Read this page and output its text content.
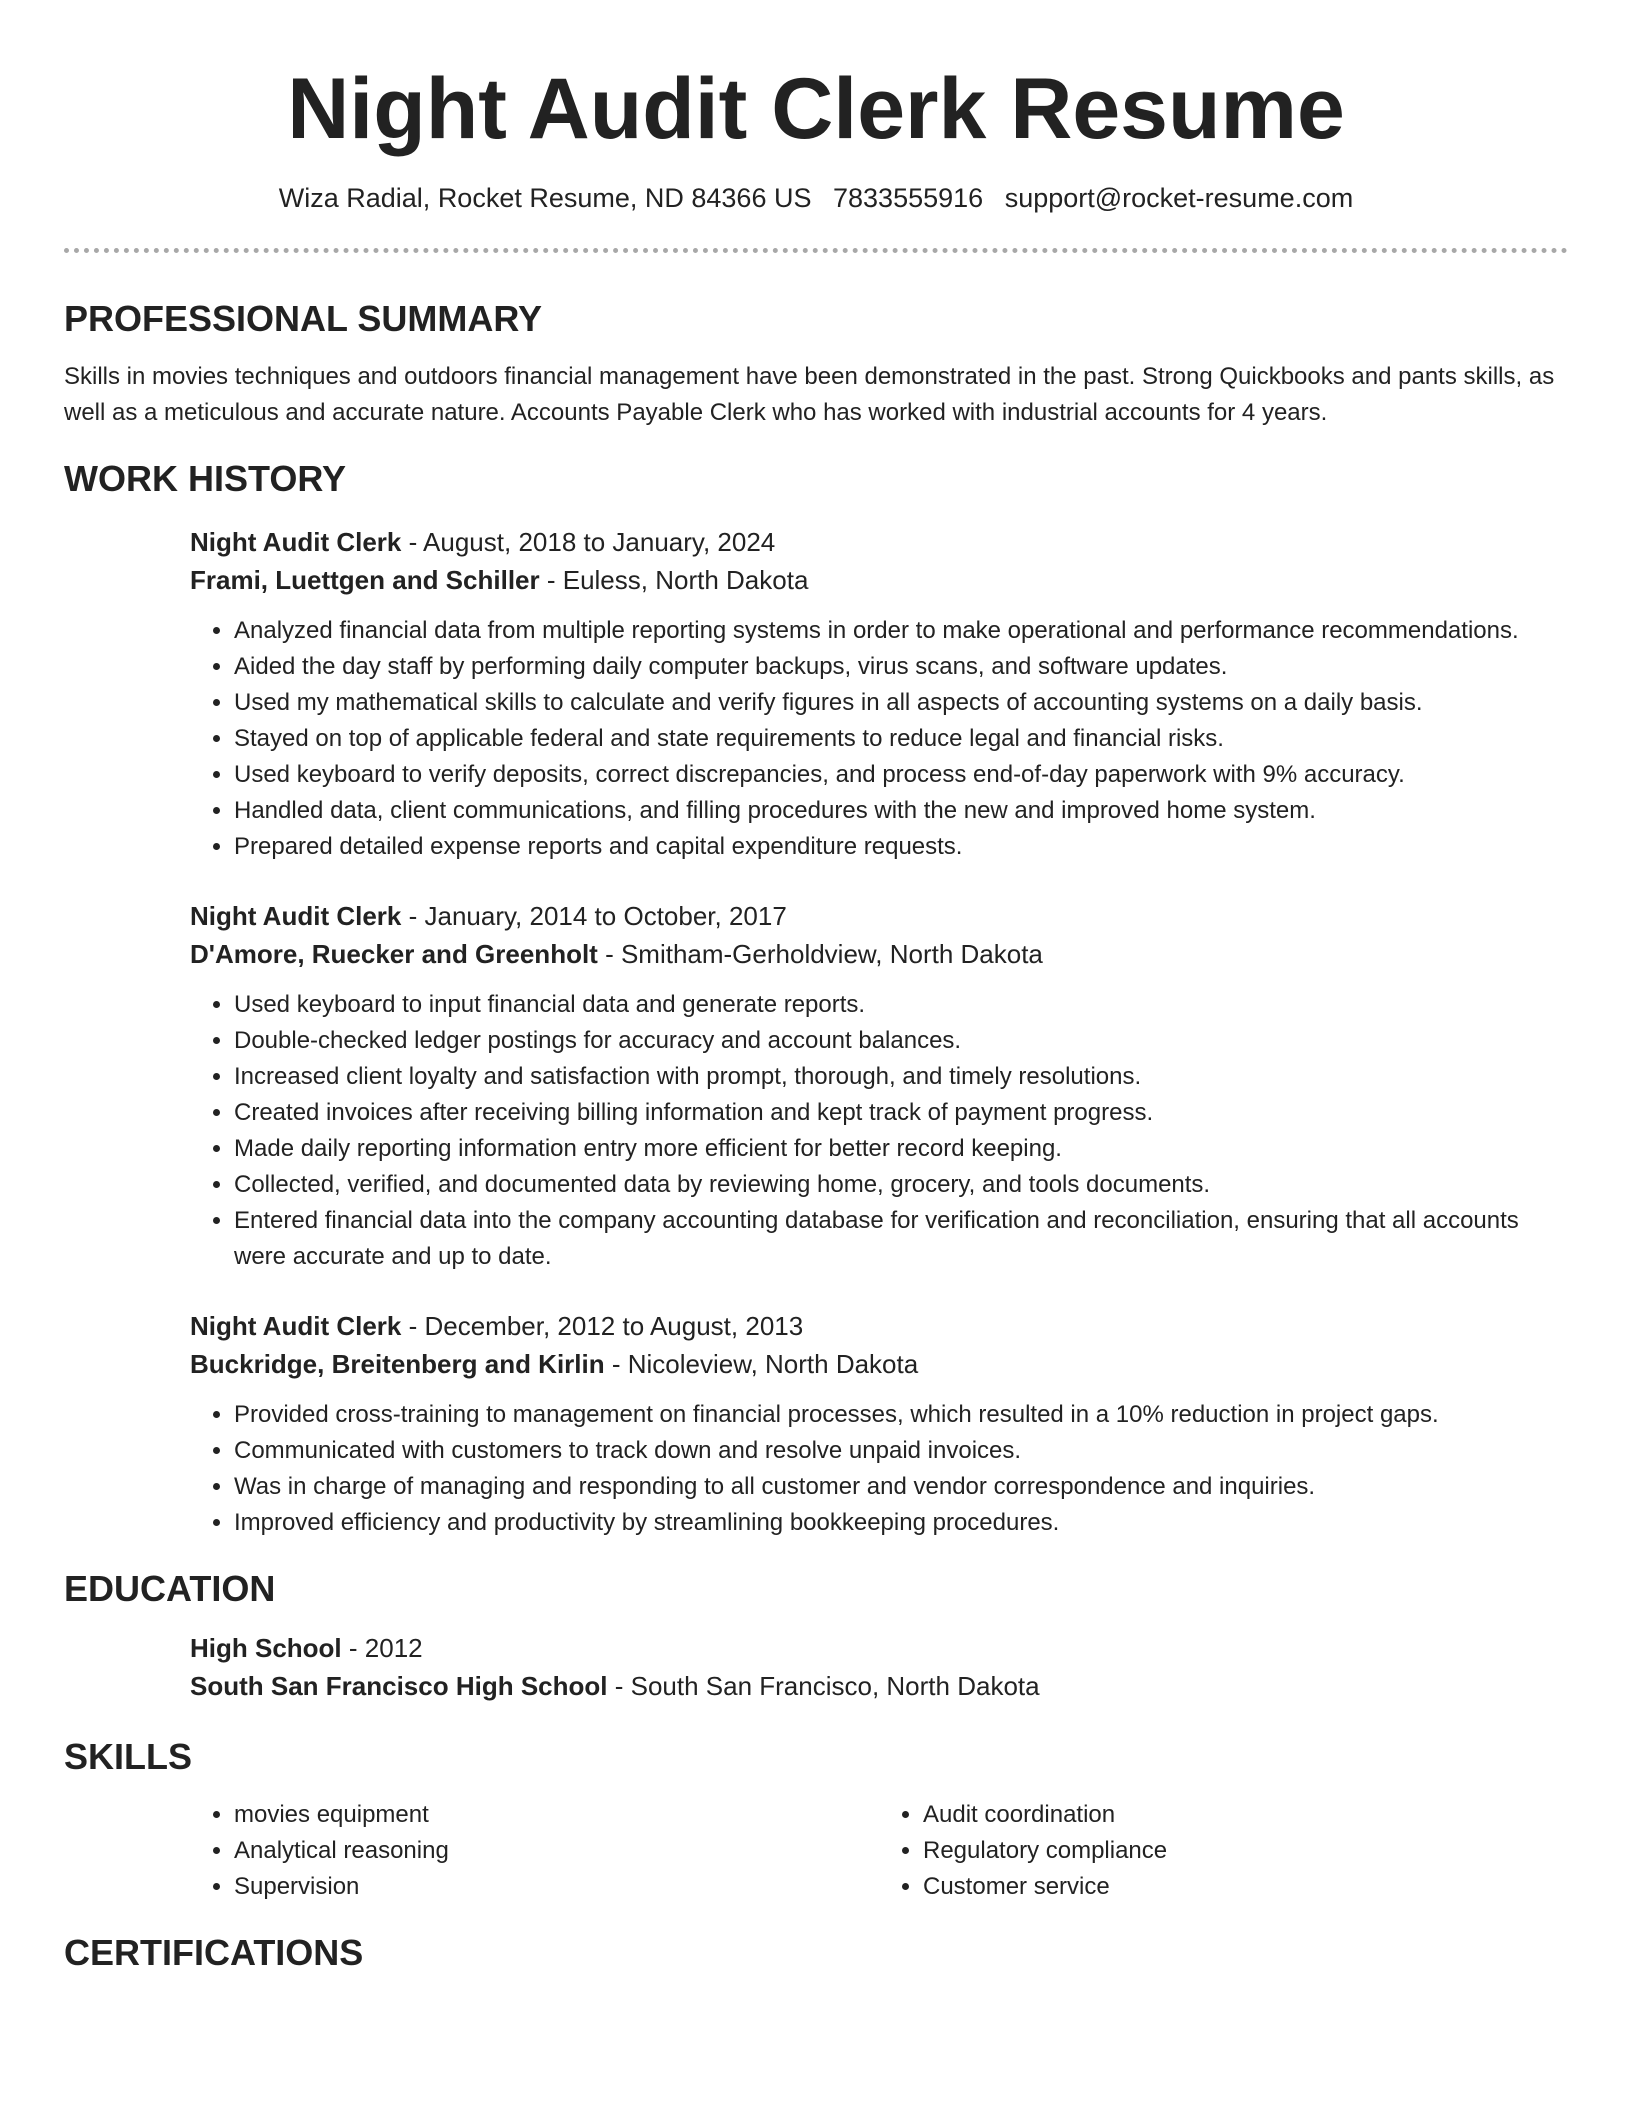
Night Audit Clerk Resume
Wiza Radial, Rocket Resume, ND 84366 US 7833555916 support@rocket-resume.com
PROFESSIONAL SUMMARY

Skills in movies techniques and outdoors financial management have been demonstrated in the past. Strong Quickbooks and pants skills, as well as a meticulous and accurate nature. Accounts Payable Clerk who has worked with industrial accounts for 4 years.

WORK HISTORY

Night Audit Clerk - August, 2018 to January, 2024

Frami, Luettgen and Schiller - Euless, North Dakota

• Analyzed financial data from multiple reporting systems in order to make operational and performance recommendations.
• Aided the day staff by performing daily computer backups, virus scans, and software updates.
• Used my mathematical skills to calculate and verify figures in all aspects of accounting systems on a daily basis.
• Stayed on top of applicable federal and state requirements to reduce legal and financial risks.
• Used keyboard to verify deposits, correct discrepancies, and process end-of-day paperwork with 9% accuracy.
• Handled data, client communications, and filling procedures with the new and improved home system.
• Prepared detailed expense reports and capital expenditure requests.

Night Audit Clerk - January, 2014 to October, 2017

D'Amore, Ruecker and Greenholt - Smitham-Gerholdview, North Dakota

• Used keyboard to input financial data and generate reports.
• Double-checked ledger postings for accuracy and account balances.
• Increased client loyalty and satisfaction with prompt, thorough, and timely resolutions.
• Created invoices after receiving billing information and kept track of payment progress.
• Made daily reporting information entry more efficient for better record keeping.
• Collected, verified, and documented data by reviewing home, grocery, and tools documents.
• Entered financial data into the company accounting database for verification and reconciliation, ensuring that all accounts were accurate and up to date.

Night Audit Clerk - December, 2012 to August, 2013

Buckridge, Breitenberg and Kirlin - Nicoleview, North Dakota

• Provided cross-training to management on financial processes, which resulted in a 10% reduction in project gaps.
• Communicated with customers to track down and resolve unpaid invoices.
• Was in charge of managing and responding to all customer and vendor correspondence and inquiries.
• Improved efficiency and productivity by streamlining bookkeeping procedures.
EDUCATION

High School - 2012

South San Francisco High School - South San Francisco, North Dakota

SKILLS
• movies equipment
• Analytical reasoning
• Supervision
• Audit coordination
• Regulatory compliance
• Customer service
CERTIFICATIONS
